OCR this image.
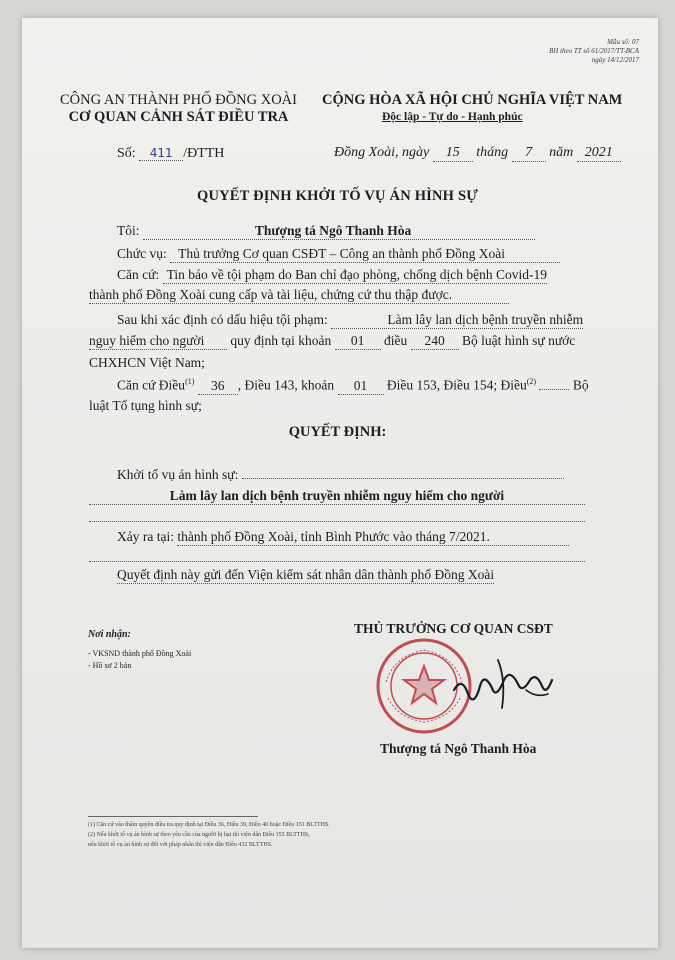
Mẫu số: 07
BH theo TT số 61/2017/TT-BCA
ngày 14/12/2017
CÔNG AN THÀNH PHỐ ĐỒNG XOÀI
CƠ QUAN CẢNH SÁT ĐIỀU TRA
CỘNG HÒA XÃ HỘI CHỦ NGHĨA VIỆT NAM
Độc lập - Tự do - Hạnh phúc
Số: 411 /ĐTTH	Đồng Xoài, ngày 15 tháng 7 năm 2021
QUYẾT ĐỊNH KHỞI TỐ VỤ ÁN HÌNH SỰ
Tôi:	Thượng tá Ngô Thanh Hòa
Chức vụ: Thủ trưởng Cơ quan CSĐT – Công an thành phố Đồng Xoài
Căn cứ: Tin báo về tội phạm do Ban chỉ đạo phòng, chống dịch bệnh Covid-19
thành phố Đồng Xoài cung cấp và tài liệu, chứng cứ thu thập được.
Sau khi xác định có dấu hiệu tội phạm:	Làm lây lan dịch bệnh truyền nhiễm
nguy hiểm cho người quy định tại khoản 01 điều 240 Bộ luật hình sự nước
CHXHCN Việt Nam;
Căn cứ Điều$^{(1)}$ 36 , Điều 143, khoản 01 Điều 153, Điều 154; Điều$^{(2)}$	Bộ
luật Tố tụng hình sự;
QUYẾT ĐỊNH:
Khởi tố vụ án hình sự:
Làm lây lan dịch bệnh truyền nhiễm nguy hiểm cho người
Xảy ra tại: thành phố Đồng Xoài, tỉnh Bình Phước vào tháng 7/2021.
Quyết định này gửi đến Viện kiểm sát nhân dân thành phố Đồng Xoài
Nơi nhận:
- VKSND thành phố Đồng Xoài
- Hồ sơ 2 bản
THỦ TRƯỞNG CƠ QUAN CSĐT
Thượng tá Ngô Thanh Hòa
(1) Căn cứ vào thẩm quyền điều tra quy định tại Điều 36, Điều 39, Điều 40 hoặc Điều 151 BLTTHS.
(2) Nếu khởi tố vụ án hình sự theo yêu cầu của người bị hại thì viện dẫn Điều 155 BLTTHS,
nếu khởi tố vụ án hình sự đối với pháp nhân thì viện dẫn Điều 432 BLTTHS.
